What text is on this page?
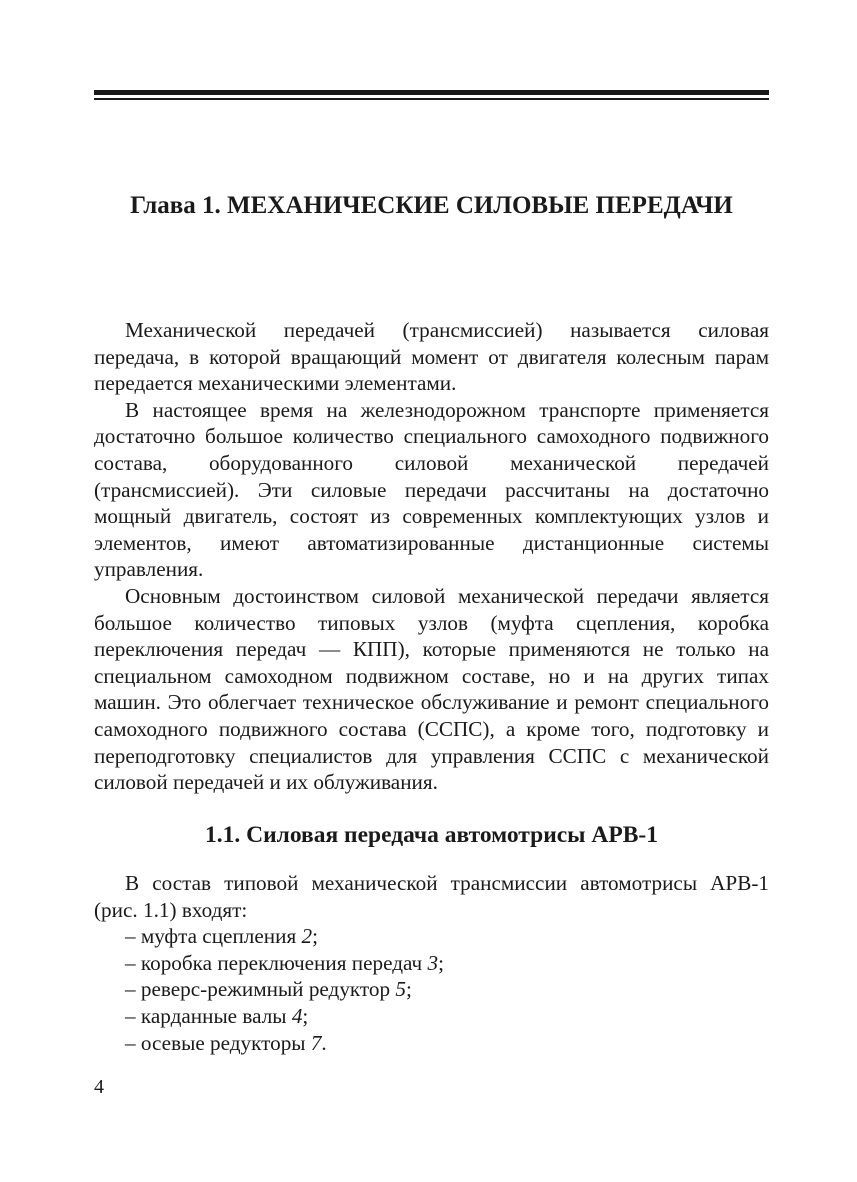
Глава 1. МЕХАНИЧЕСКИЕ СИЛОВЫЕ ПЕРЕДАЧИ

Механической передачей (трансмиссией) называется силовая передача, в которой вращающий момент от двигателя колесным парам передается механическими элементами.

В настоящее время на железнодорожном транспорте применяется достаточно большое количество специального самоходного подвижного состава, оборудованного силовой механической передачей (трансмиссией). Эти силовые передачи рассчитаны на достаточно мощный двигатель, состоят из современных комплектующих узлов и элементов, имеют автоматизированные дистанционные системы управления.

Основным достоинством силовой механической передачи является большое количество типовых узлов (муфта сцепления, коробка переключения передач — КПП), которые применяются не только на специальном самоходном подвижном составе, но и на других типах машин. Это облегчает техническое обслуживание и ремонт специального самоходного подвижного состава (ССПС), а кроме того, подготовку и переподготовку специалистов для управления ССПС с механической силовой передачей и их облуживания.

1.1. Силовая передача автомотрисы АРВ-1

В состав типовой механической трансмиссии автомотрисы АРВ-1 (рис. 1.1) входят:

– муфта сцепления 2;
– коробка переключения передач 3;
– реверс-режимный редуктор 5;
– карданные валы 4;
– осевые редукторы 7.
4
